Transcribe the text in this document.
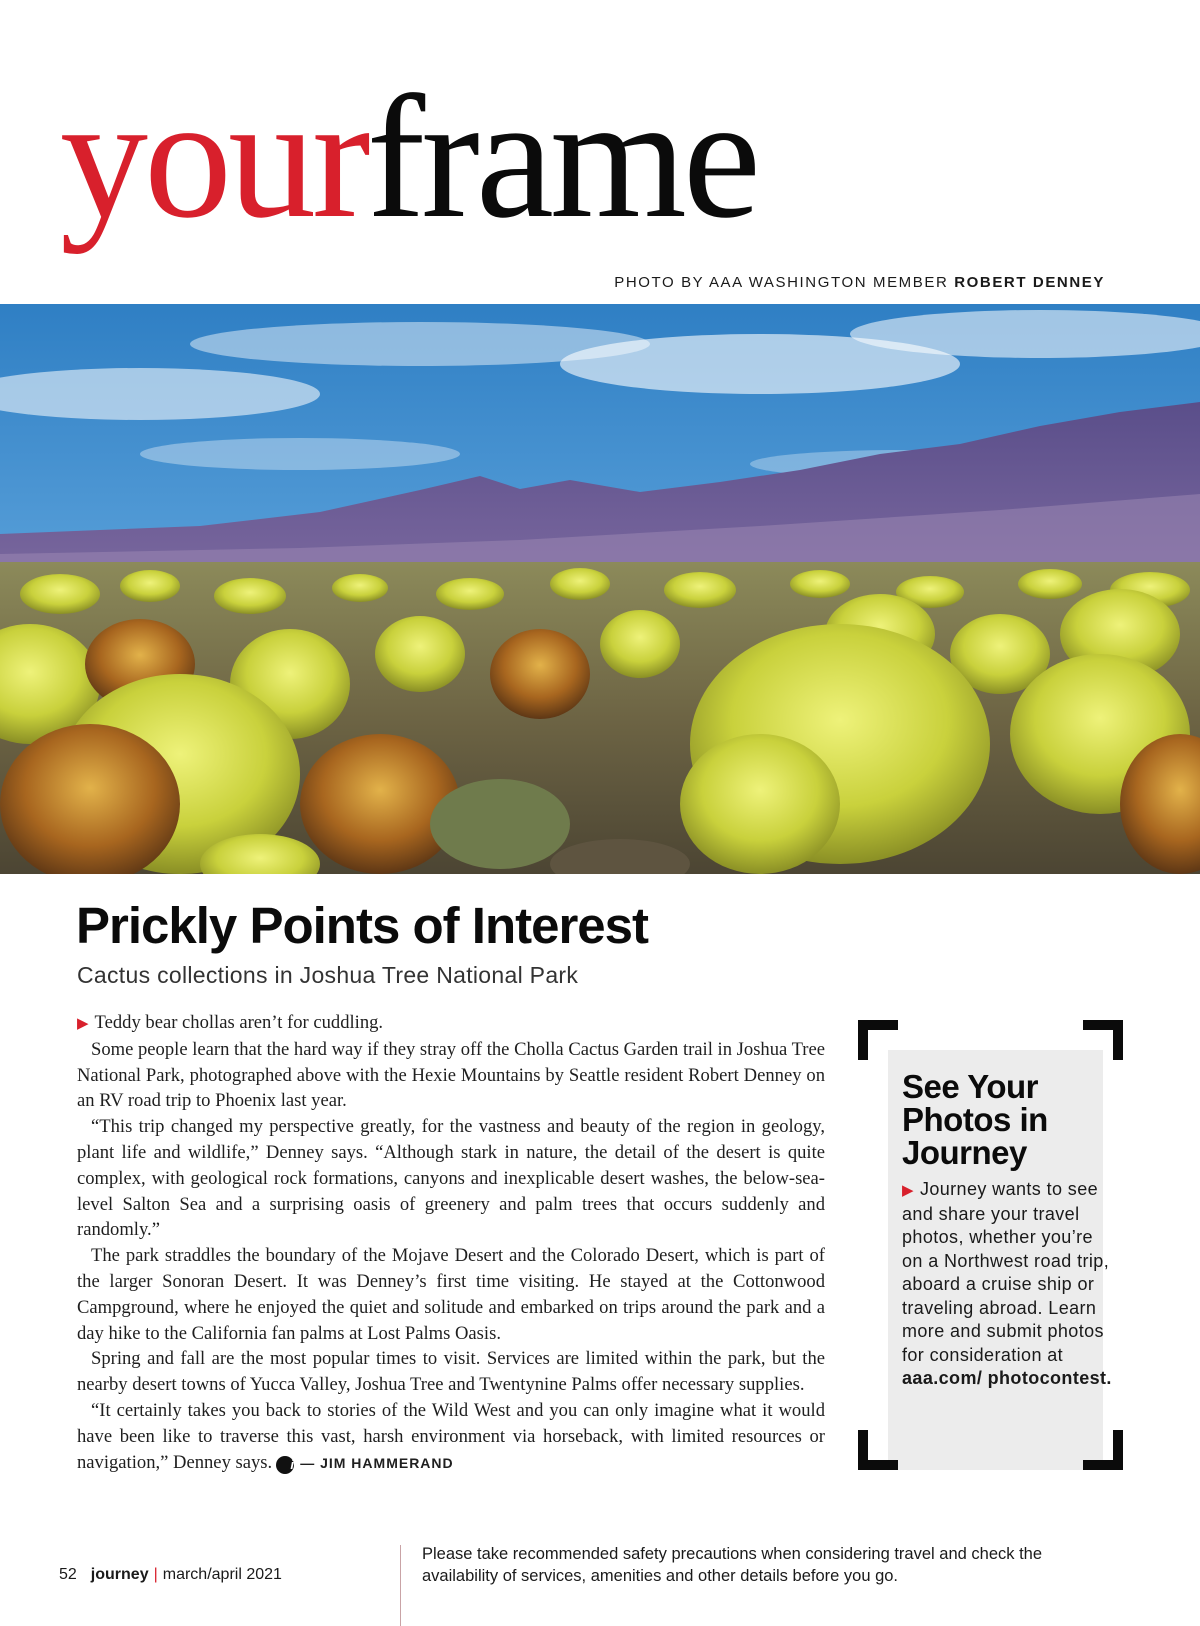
yourframe
PHOTO BY AAA WASHINGTON MEMBER ROBERT DENNEY
Prickly Points of Interest
Cactus collections in Joshua Tree National Park

▶ Teddy bear chollas aren’t for cuddling.

Some people learn that the hard way if they stray off the Cholla Cactus Garden trail in Joshua Tree National Park, photographed above with the Hexie Mountains by Seattle resident Robert Denney on an RV road trip to Phoenix last year.

“This trip changed my perspective greatly, for the vastness and beauty of the region in geology, plant life and wildlife,” Denney says. “Although stark in nature, the detail of the desert is quite complex, with geological rock formations, canyons and inexplicable desert washes, the below-sea-level Salton Sea and a surprising oasis of greenery and palm trees that occurs suddenly and randomly.”

The park straddles the boundary of the Mojave Desert and the Colorado Desert, which is part of the larger Sonoran Desert. It was Denney’s first time visiting. He stayed at the Cottonwood Campground, where he enjoyed the quiet and solitude and embarked on trips around the park and a day hike to the California fan palms at Lost Palms Oasis.

Spring and fall are the most popular times to visit. Services are limited within the park, but the nearby desert towns of Yucca Valley, Joshua Tree and Twentynine Palms offer necessary supplies.

“It certainly takes you back to stories of the Wild West and you can only imagine what it would have been like to traverse this vast, harsh environment via horseback, with limited resources or navigation,” Denney says. i — JIM HAMMERAND

See Your Photos in Journey
▶ Journey wants to see and share your travel photos, whether you’re on a Northwest road trip, aboard a cruise ship or traveling abroad. Learn more and submit photos for consideration at aaa.com/ photocontest.
52 journey | march/april 2021
Please take recommended safety precautions when considering travel and check the availability of services, amenities and other details before you go.
